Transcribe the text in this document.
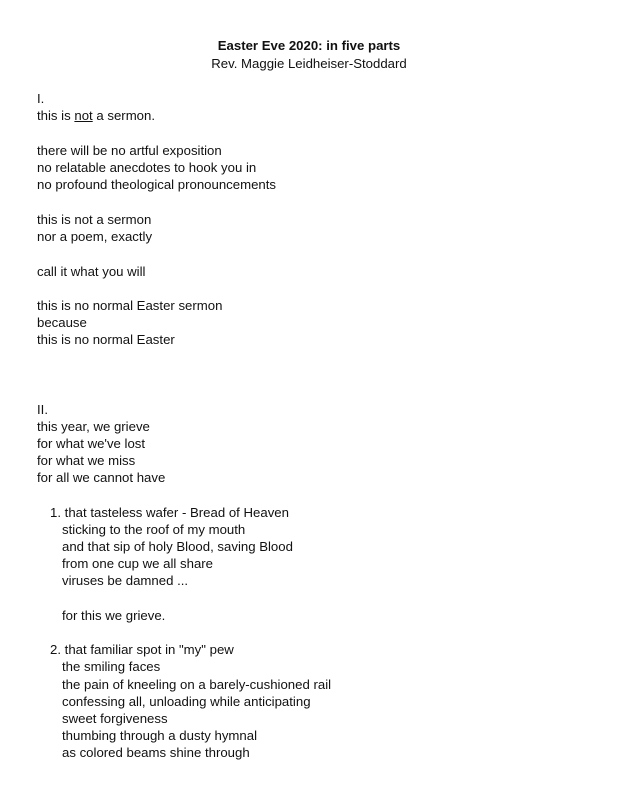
Easter Eve 2020: in five parts
Rev. Maggie Leidheiser-Stoddard
I.
this is not a sermon.
there will be no artful exposition
no relatable anecdotes to hook you in
no profound theological pronouncements
this is not a sermon
nor a poem, exactly
call it what you will
this is no normal Easter sermon
because
this is no normal Easter
II.
this year, we grieve
for what we've lost
for what we miss
for all we cannot have
1. that tasteless wafer - Bread of Heaven
sticking to the roof of my mouth
and that sip of holy Blood, saving Blood
from one cup we all share
viruses be damned ...
for this we grieve.
2. that familiar spot in "my" pew
the smiling faces
the pain of kneeling on a barely-cushioned rail
confessing all, unloading while anticipating
sweet forgiveness
thumbing through a dusty hymnal
as colored beams shine through
